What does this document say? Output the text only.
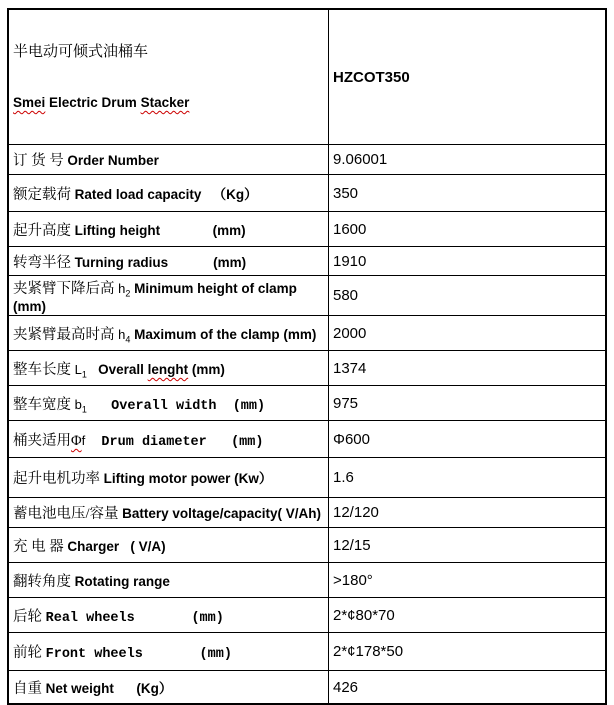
半电动可倾式油桶车

Smei Electric Drum Stacker	HZCOT350
订 货 号 Order Number	9.06001
额定载荷 Rated load capacity   （Kg）	350
起升高度 Lifting height              (mm)	1600
转弯半径 Turning radius            (mm)	1910
夹紧臂下降后高 $h_2$ Minimum height of clamp (mm)	580
夹紧臂最高时高 $h_4$ Maximum of the clamp (mm)	2000
整车长度 $L_1$   Overall lenght (mm)	1374
整车宽度 $b_1$   Overall width  (mm)	975
桶夹适用Φf  Drum diameter   (mm)	Φ600
起升电机功率 Lifting motor power (Kw）	1.6
蓄电池电压/容量 Battery voltage/capacity( V/Ah)	12/120
充 电 器 Charger   ( V/A)	12/15
翻转角度 Rotating range	>180°
后轮 Real wheels       (mm)	2*¢80*70
前轮 Front wheels       (mm)	2*¢178*50
自重 Net weight      (Kg）	426
